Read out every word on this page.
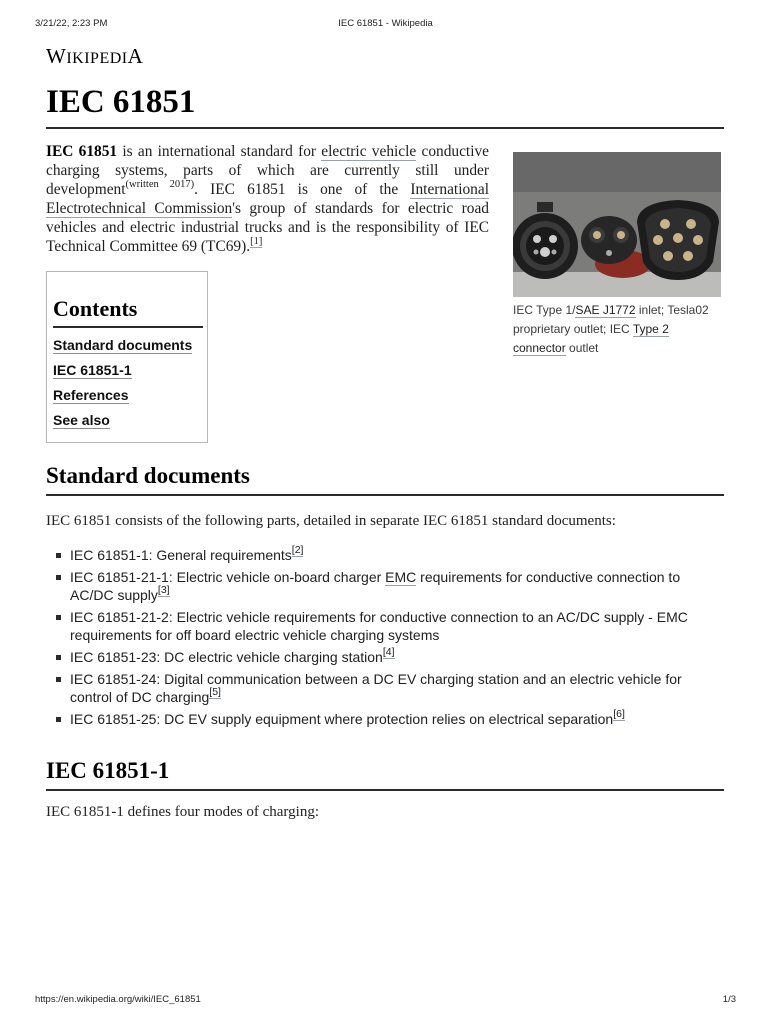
3/21/22, 2:23 PM	IEC 61851 - Wikipedia
WIKIPEDIA
IEC 61851

IEC 61851 is an international standard for electric vehicle conductive charging systems, parts of which are currently still under development$^{(written 2017)}$. IEC 61851 is one of the International Electrotechnical Commission's group of standards for electric road vehicles and electric industrial trucks and is the responsibility of IEC Technical Committee 69 (TC69).[1]

IEC Type 1/SAE J1772 inlet; Tesla02 proprietary outlet; IEC Type 2 connector outlet
Contents
Standard documents
IEC 61851-1
References
See also
Standard documents

IEC 61851 consists of the following parts, detailed in separate IEC 61851 standard documents:

IEC 61851-1: General requirements[2]
IEC 61851-21-1: Electric vehicle on-board charger EMC requirements for conductive connection to AC/DC supply[3]
IEC 61851-21-2: Electric vehicle requirements for conductive connection to an AC/DC supply - EMC requirements for off board electric vehicle charging systems
IEC 61851-23: DC electric vehicle charging station[4]
IEC 61851-24: Digital communication between a DC EV charging station and an electric vehicle for control of DC charging[5]
IEC 61851-25: DC EV supply equipment where protection relies on electrical separation[6]
IEC 61851-1

IEC 61851-1 defines four modes of charging:

https://en.wikipedia.org/wiki/IEC_61851	1/3
